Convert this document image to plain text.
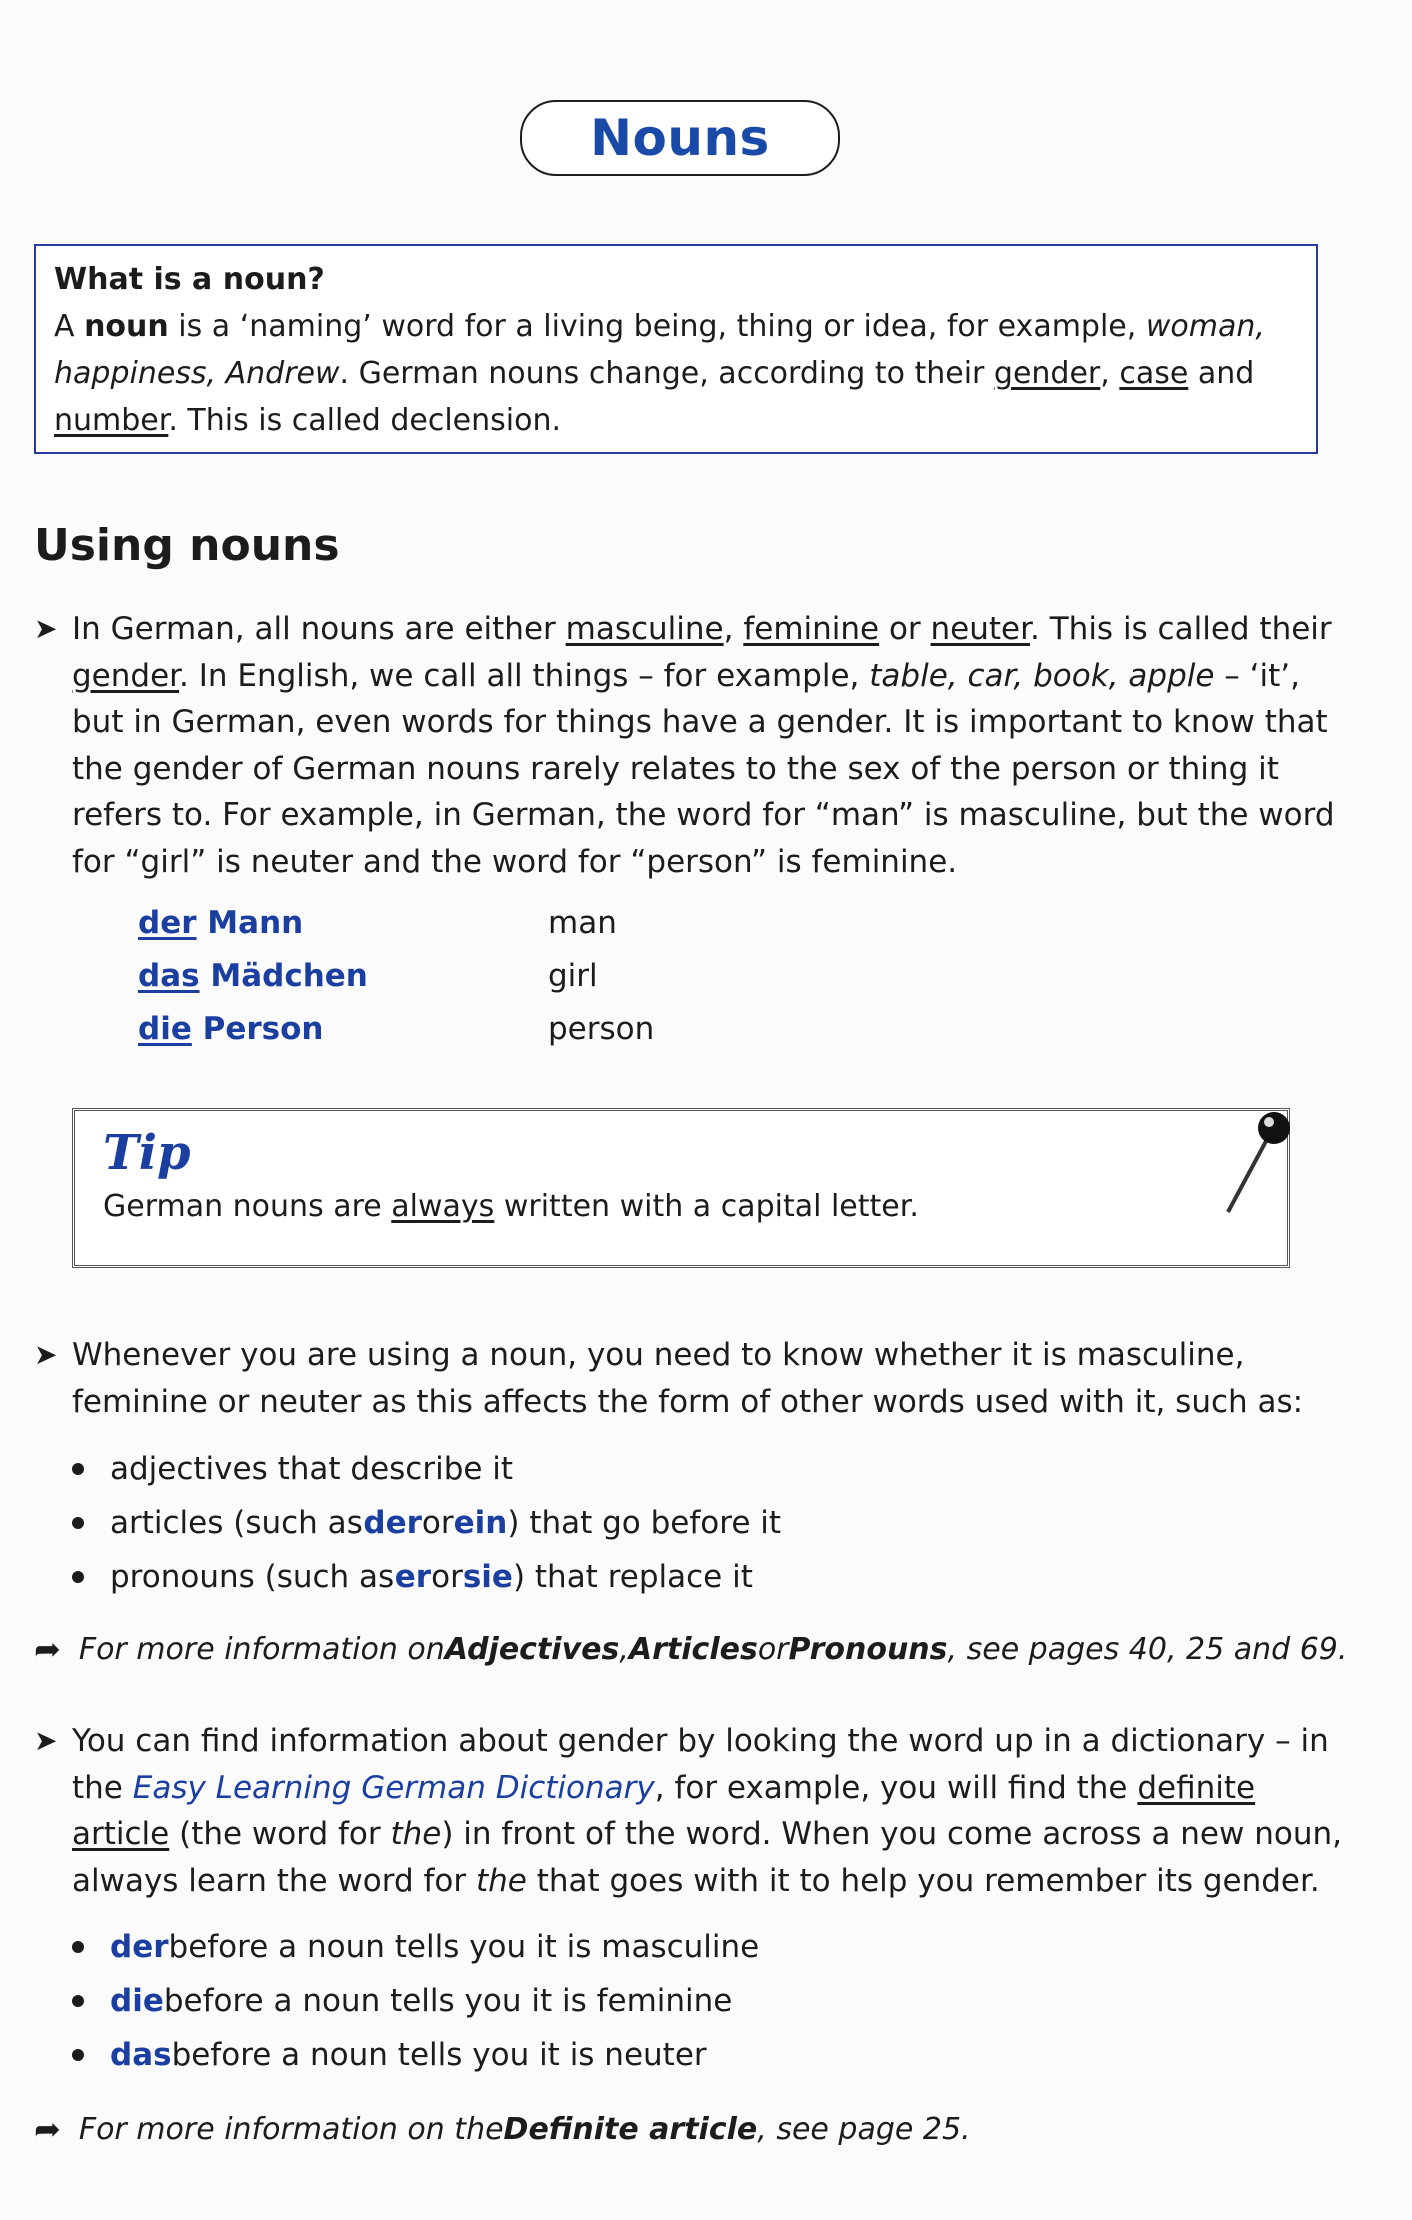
Nouns
What is a noun?

A noun is a ‘naming’ word for a living being, thing or idea, for example, woman, happiness, Andrew. German nouns change, according to their gender, case and number. This is called declension.

Using nouns
➤ In German, all nouns are either masculine, feminine or neuter. This is called their gender. In English, we call all things – for example, table, car, book, apple – ‘it’, but in German, even words for things have a gender. It is important to know that the gender of German nouns rarely relates to the sex of the person or thing it refers to. For example, in German, the word for “man” is masculine, but the word for “girl” is neuter and the word for “person” is feminine.

der Mann	man
das Mädchen	girl
die Person	person
Tip
German nouns are always written with a capital letter.
➤ Whenever you are using a noun, you need to know whether it is masculine, feminine or neuter as this affects the form of other words used with it, such as:

adjectives that describe it
articles (such as
der or ein ) that go before it
pronouns (such as
er or sie ) that replace it
➦ For more information on Adjectives , Articles or Pronouns , see pages 40, 25 and 69.
➤ You can find information about gender by looking the word up in a dictionary – in the Easy Learning German Dictionary, for example, you will find the definite article (the word for the) in front of the word. When you come across a new noun, always learn the word for the that goes with it to help you remember its gender.

der before a noun tells you it is masculine
die before a noun tells you it is feminine
das before a noun tells you it is neuter
➦ For more information on the Definite article , see page 25.
